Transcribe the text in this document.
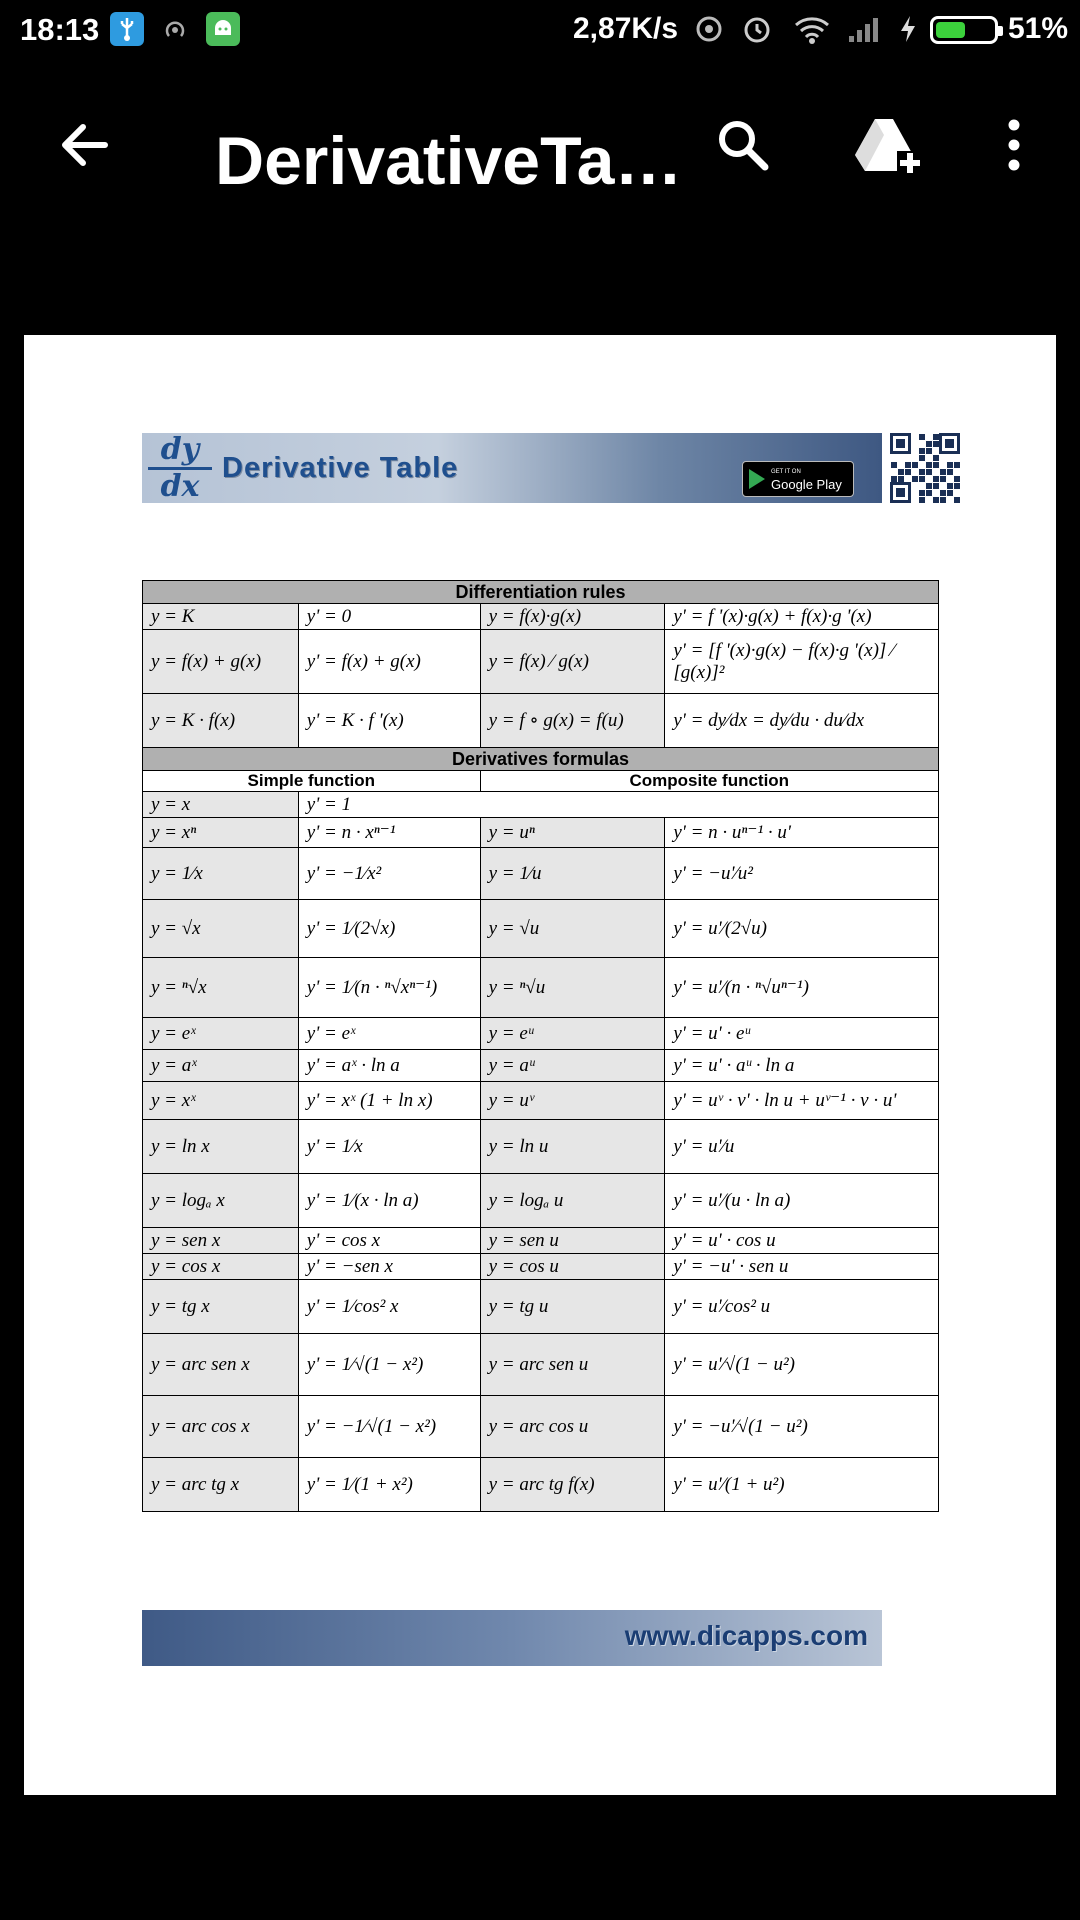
18:13	2,87K/s	51%
DerivativeTa…
dy
dx
Derivative Table	GET IT ON
Google Play
Differentiation rules			
y = K	y' = 0	y = f(x)·g(x)	y' = f '(x)·g(x) + f(x)·g '(x)
y = f(x) + g(x)	y' = f(x) + g(x)	y = f(x) ⁄ g(x)	y' = [f '(x)·g(x) − f(x)·g '(x)] ⁄ [g(x)]²
y = K · f(x)	y' = K · f '(x)	y = f ∘ g(x) = f(u)	y' = dy⁄dx = dy⁄du · du⁄dx
Derivatives formulas			
Simple function		Composite function	
y = x	y' = 1		
y = xⁿ	y' = n · xⁿ⁻¹	y = uⁿ	y' = n · uⁿ⁻¹ · u'
y = 1⁄x	y' = −1⁄x²	y = 1⁄u	y' = −u'⁄u²
y = √x	y' = 1⁄(2√x)	y = √u	y' = u'⁄(2√u)
y = ⁿ√x	y' = 1⁄(n · ⁿ√xⁿ⁻¹)	y = ⁿ√u	y' = u'⁄(n · ⁿ√uⁿ⁻¹)
y = eˣ	y' = eˣ	y = eᵘ	y' = u' · eᵘ
y = aˣ	y' = aˣ · ln a	y = aᵘ	y' = u' · aᵘ · ln a
y = xˣ	y' = xˣ (1 + ln x)	y = uᵛ	y' = uᵛ · v' · ln u + uᵛ⁻¹ · v · u'
y = ln x	y' = 1⁄x	y = ln u	y' = u'⁄u
y = logₐ x	y' = 1⁄(x · ln a)	y = logₐ u	y' = u'⁄(u · ln a)
y = sen x	y' = cos x	y = sen u	y' = u' · cos u
y = cos x	y' = −sen x	y = cos u	y' = −u' · sen u
y = tg x	y' = 1⁄cos² x	y = tg u	y' = u'⁄cos² u
y = arc sen x	y' = 1⁄√(1 − x²)	y = arc sen u	y' = u'⁄√(1 − u²)
y = arc cos x	y' = −1⁄√(1 − x²)	y = arc cos u	y' = −u'⁄√(1 − u²)
y = arc tg x	y' = 1⁄(1 + x²)	y = arc tg f(x)	y' = u'⁄(1 + u²)
www.dicapps.com
